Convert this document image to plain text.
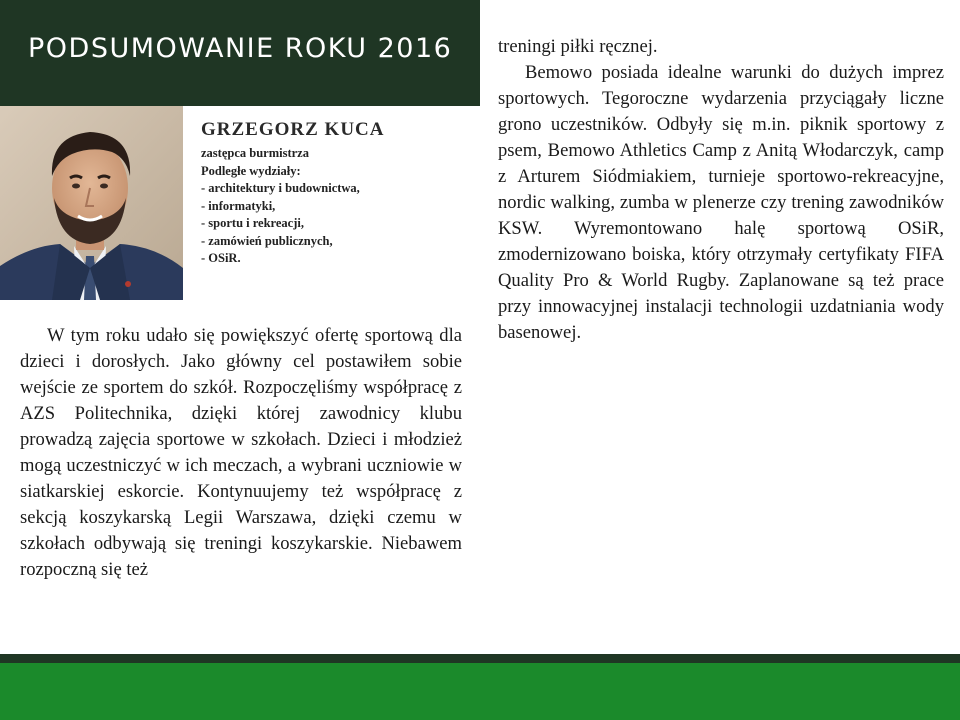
PODSUMOWANIE ROKU 2016
GRZEGORZ KUCA
zastępca burmistrza
Podległe wydziały:
- architektury i budownictwa,
- informatyki,
- sportu i rekreacji,
- zamówień publicznych,
- OSiR.

W tym roku udało się powiększyć ofertę sportową dla dzieci i dorosłych. Jako główny cel postawiłem sobie wejście ze sportem do szkół. Rozpoczęliśmy współpracę z AZS Politechnika, dzięki której zawodnicy klubu prowadzą zajęcia sportowe w szkołach. Dzieci i młodzież mogą uczestniczyć w ich meczach, a wybrani uczniowie w siatkarskiej eskorcie. Kontynuujemy też współpracę z sekcją koszykarską Legii Warszawa, dzięki czemu w szkołach odbywają się treningi koszykarskie. Niebawem rozpoczną się też

treningi piłki ręcznej.

Bemowo posiada idealne warunki do dużych imprez sportowych. Tegoroczne wydarzenia przyciągały liczne grono uczestników. Odbyły się m.in. piknik sportowy z psem, Bemowo Athletics Camp z Anitą Włodarczyk, camp z Arturem Siódmiakiem, turnieje sportowo-rekreacyjne, nordic walking, zumba w plenerze czy trening zawodników KSW. Wyremontowano halę sportową OSiR, zmodernizowano boiska, który otrzymały certyfikaty FIFA Quality Pro & World Rugby. Zaplanowane są też prace przy innowacyjnej instalacji technologii uzdatniania wody basenowej.
